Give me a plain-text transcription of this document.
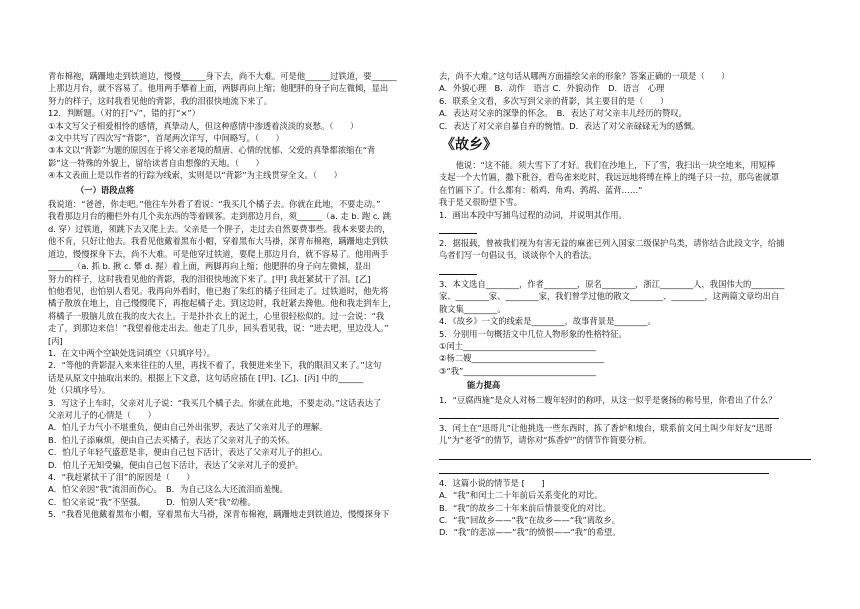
青布棉袍，蹒跚地走到铁道边，慢慢______身下去，尚不大难。可是他______过铁道，要______
上那边月台，就不容易了。他用两手攀着上面，两脚再向上缩；他肥胖的身子向左微倾，显出
努力的样子，这时我看见他的背影，我的泪很快地流下来了。
12．判断题。（对的打“√”，错的打“×”）
①本文写父子相爱相怜的感情，真挚动人，但这种感情中渗透着淡淡的哀愁。（　　）
②文中共写了四次写“背影”，首尾两次详写，中间略写。（　　）
③本文以“背影”为题的原因在于将父亲老境的颓唐、心情的忧郁、父爱的真挚都浓缩在“背
影”这一特殊的外貌上，留给读者自由想像的天地。（　　）
④本文表面上是以作者的行踪为线索，实则是以“背影”为主线贯穿全文。（　　）
（一）语段点将
我说道：“爸爸，你走吧。”他往车外看了看说：“我买几个橘子去。你就在此地，不要走动。”
我看那边月台的栅栏外有几个卖东西的等着顾客。走到那边月台，须______（a. 走 b. 跑 c. 跳
d. 穿）过铁道，须跳下去又爬上去。父亲是一个胖子，走过去自然要费事些。我本来要去的，
他不肯，只好让他去。我看见他戴着黑布小帽，穿着黑布大马褂，深青布棉袍，蹒跚地走到铁
道边，慢慢探身下去，尚不大难。可是他穿过铁道，要爬上那边月台，就不容易了。他用两手
______（a. 抓 b. 揪 c. 攀 d. 握）着上面，两脚再向上缩；他肥胖的身子向左微倾，显出
努力的样子，这时我看见他的背影，我的泪很快地流下来了。[甲] 我赶紧拭干了泪。[乙]
怕他看见，也怕别人看见。我再向外看时，他已抱了朱红的橘子往回走了。过铁道时，他先将
橘子散放在地上，自己慢慢爬下，再抱起橘子走。到这边时，我赶紧去搀他。他和我走到车上，
将橘子一股脑儿放在我的皮大衣上。于是扑扑衣上的泥土，心里很轻松似的。过一会说：“我
走了，到那边来信！”我望着他走出去。他走了几步，回头看见我，说：“进去吧，里边没人。”
[丙]
1．在文中两个空缺处选词填空（只填序号）。
2．“等他的背影混入来来往往的人里，再找不着了，我便进来坐下，我的眼泪又来了。”这句
话是从原文中抽取出来的。根据上下文意，这句话应插在 [甲]、[乙]、[丙] 中的______
处（只填序号）。
3．写这子上车时，父亲对儿子说：“我买几个橘子去。你就在此地，不要走动。”这话表达了
父亲对儿子的心情是（　　）
A．怕儿子力气小不堪重负，便由自己外出张罗，表达了父亲对儿子的理解。
B．怕儿子添麻烦，便由自己去买橘子，表达了父亲对儿子的关怀。
C．怕儿子年轻气盛惹是非，便由自己包下活计，表达了父亲对儿子的担心。
D．怕儿子无知受骗，便由自己包下活计，表达了父亲对儿子的爱护。
4．“我赶紧拭干了泪”的原因是（　　）
A．怕父亲因“我”流泪而伤心。　B．为自己这么大还流泪而羞愧。
C．怕父亲说“我”不坚强。　　　D．怕别人笑“我”幼稚。
5．“我看见他戴着黑布小帽，穿着黑布大马褂，深青布棉袍，蹒跚地走到铁道边，慢慢探身下
去，尚不大难。”这句话从哪两方面描绘父亲的形象？答案正确的一项是（　　）
A．外貌心理　B．动作　语言 C．外貌动作　D．语言　心理
6．联系全文看，多次写到父亲的背影，其主要目的是（　　）
A．表达对父亲的深挚的怀念。　B．表达了对父亲丰儿经历的赞叹。
C．表达了对父亲自暴自弃的惋惜。D．表达了对父亲碌碌无为的感慨。
《故乡》
他说：“这不能。须大雪下了才好。我们在沙地上，下了雪，我扫出一块空地来，用短棒
支起一个大竹匾，撒下秕谷，看鸟雀来吃时，我远远地将缚在棒上的绳子只一拉，那鸟雀就罩
在竹匾下了。什么都有：稻鸡、角鸡、鹁鸪、蓝背……”
我于是又很盼望下雪。
1．画出本段中写捕鸟过程的动词，并说明其作用。
2．据报载，曾被我们视为有害无益的麻雀已列入国家二级保护鸟类，请你结合此段文字，给捕
鸟者们写一句倡议书，谈谈你个人的看法。
3．本文选自________，作者________，原名________，浙江________人，我国伟大的________
家、________家、________家，我们曾学过他的散文________、________，这两篇文章均出自
散文集________。
4．《故乡》一文的线索是________，故事背景是________。
5．分别用一句概括文中几位人物形象的性格特征。
①闰土________________________________
②杨二嫂________________________________
③“我”________________________________
能力提高
1．“豆腐西施”是众人对杨二嫂年轻时的称呼，从这一似乎是褒扬的称号里，你看出了什么？
3．闰土在“迅哥儿”让他挑选一些东西时，拣了香炉和烛台，联系前文闰土叫少年好友“迅哥
儿”为“老爷”的情节，请你对“拣香炉”的情节作简要分析。
4．这篇小说的情节是 [　　]
A．“我”和闰土二十年前后关系变化的对比。
B．“我”的故乡二十年来前后情景变化的对比。
C．“我”回故乡——“我”在故乡——“我”离故乡。
D．“我”的悲凉——“我”的愤恨——“我”的希望。
